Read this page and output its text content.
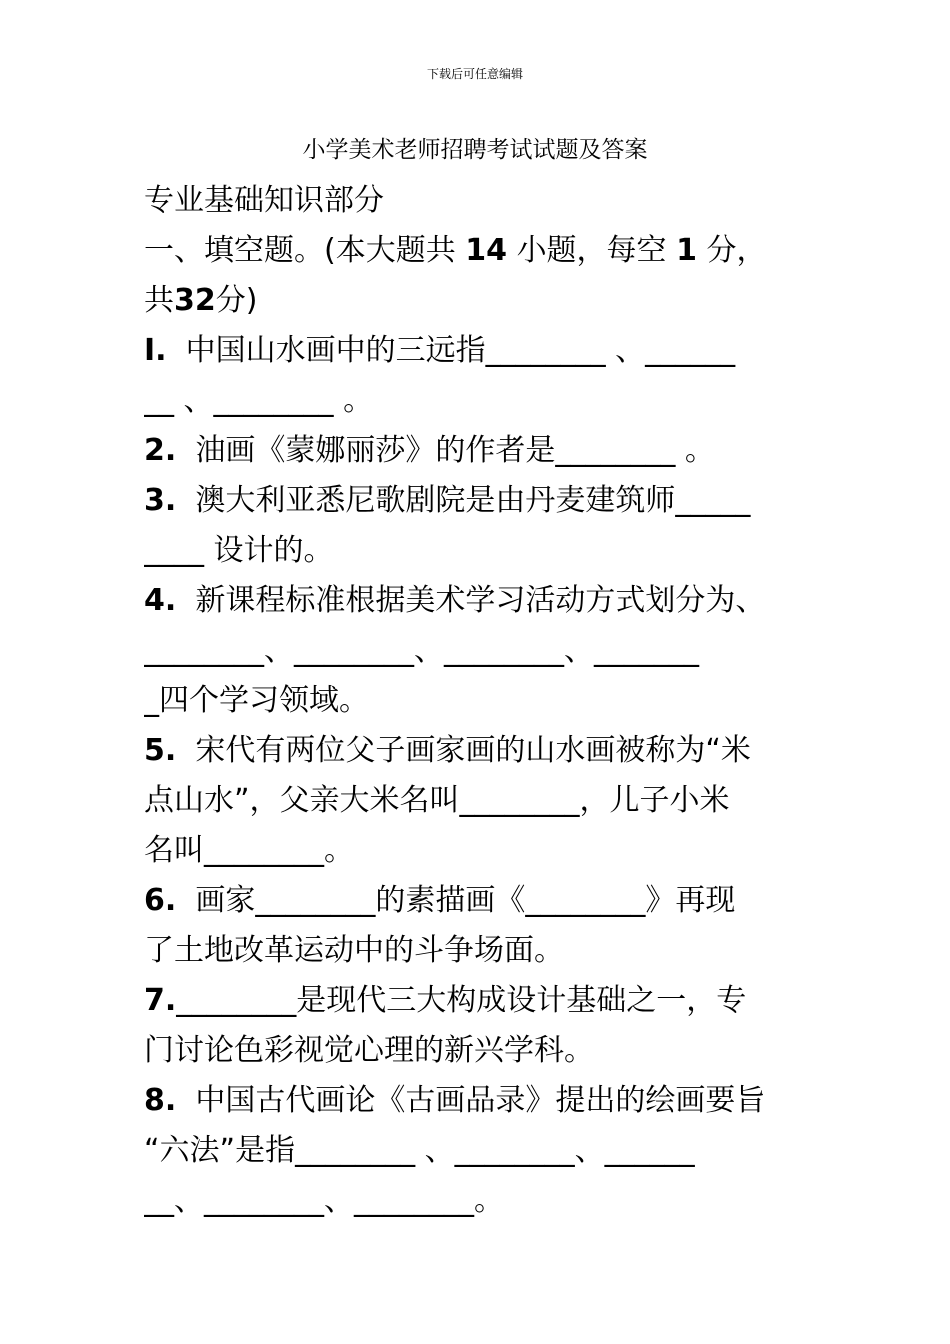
下载后可任意编辑
小学美术老师招聘考试试题及答案

专业基础知识部分

一、填空题。(本大题共 14 小题，每空 1 分，

共32分)

I. 中国山水画中的三远指________ 、______

__ 、________ 。

2. 油画《蒙娜丽莎》的作者是________ 。

3. 澳大利亚悉尼歌剧院是由丹麦建筑师_____

____ 设计的。

4. 新课程标准根据美术学习活动方式划分为、

________、________、________、_______

_四个学习领域。

5. 宋代有两位父子画家画的山水画被称为“米

点山水”，父亲大米名叫________，儿子小米

名叫________。

6. 画家________的素描画《________》再现

了土地改革运动中的斗争场面。

7.________是现代三大构成设计基础之一，专

门讨论色彩视觉心理的新兴学科。

8. 中国古代画论《古画品录》提出的绘画要旨

“六法”是指________ 、________、______

__、________、________。
